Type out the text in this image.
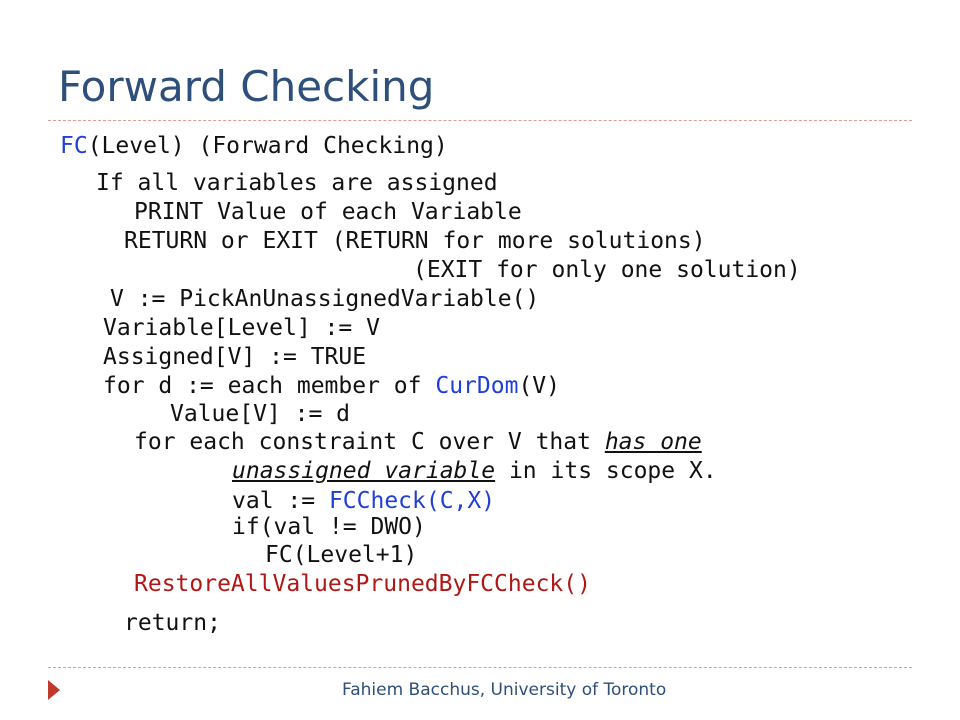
Forward Checking
FC(Level) (Forward Checking)
If all variables are assigned
PRINT Value of each Variable
RETURN or EXIT (RETURN for more solutions)
(EXIT for only one solution)
V := PickAnUnassignedVariable()
Variable[Level] := V
Assigned[V] := TRUE
for d := each member of CurDom(V)
Value[V] := d
for each constraint C over V that has one
unassigned variable in its scope X.
val := FCCheck(C,X)
if(val != DWO)
FC(Level+1)
RestoreAllValuesPrunedByFCCheck()
return;
Fahiem Bacchus, University of Toronto
